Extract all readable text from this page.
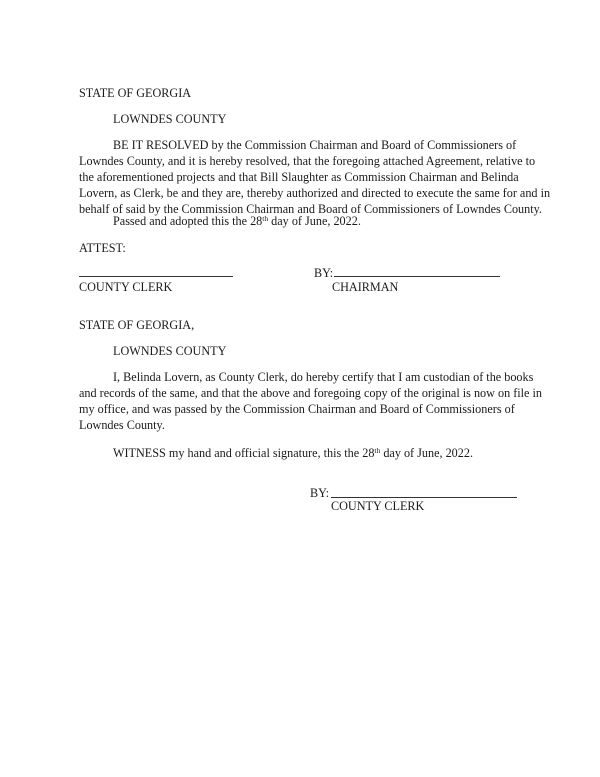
STATE OF GEORGIA
LOWNDES COUNTY
BE IT RESOLVED by the Commission Chairman and Board of Commissioners of
Lowndes County, and it is hereby resolved, that the foregoing attached Agreement, relative to
the aforementioned projects and that Bill Slaughter as Commission Chairman and Belinda
Lovern, as Clerk, be and they are, thereby authorized and directed to execute the same for and in
behalf of said by the Commission Chairman and Board of Commissioners of Lowndes County.
Passed and adopted this the 28th day of June, 2022.
ATTEST:
COUNTY CLERK
BY:
CHAIRMAN
STATE OF GEORGIA,
LOWNDES COUNTY
I, Belinda Lovern, as County Clerk, do hereby certify that I am custodian of the books
and records of the same, and that the above and foregoing copy of the original is now on file in
my office, and was passed by the Commission Chairman and Board of Commissioners of
Lowndes County.
WITNESS my hand and official signature, this the 28th day of June, 2022.
BY:
COUNTY CLERK
